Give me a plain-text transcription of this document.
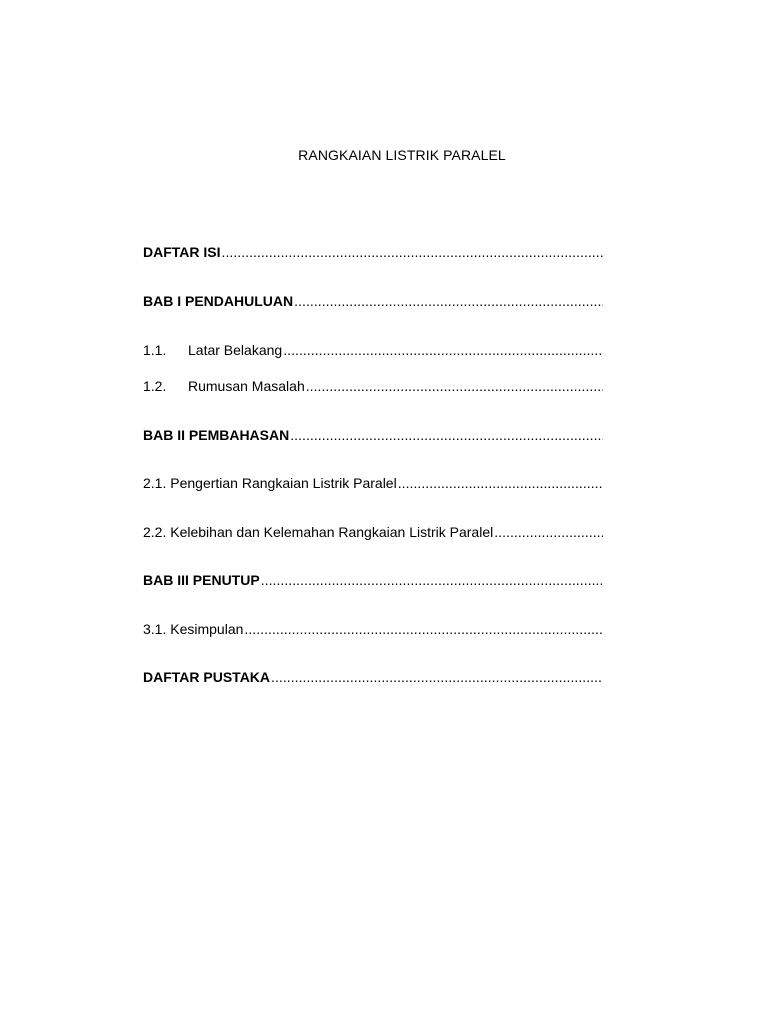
RANGKAIAN LISTRIK PARALEL
DAFTAR ISI
.....
BAB I PENDAHULUAN
.....
1.1.	Latar Belakang
.....
1.2.	Rumusan Masalah
.....
BAB II PEMBAHASAN
.....
2.1. Pengertian Rangkaian Listrik Paralel
.....
2.2. Kelebihan dan Kelemahan Rangkaian Listrik Paralel
.....
BAB III PENUTUP
.....
3.1. Kesimpulan
.....
DAFTAR PUSTAKA
.....
